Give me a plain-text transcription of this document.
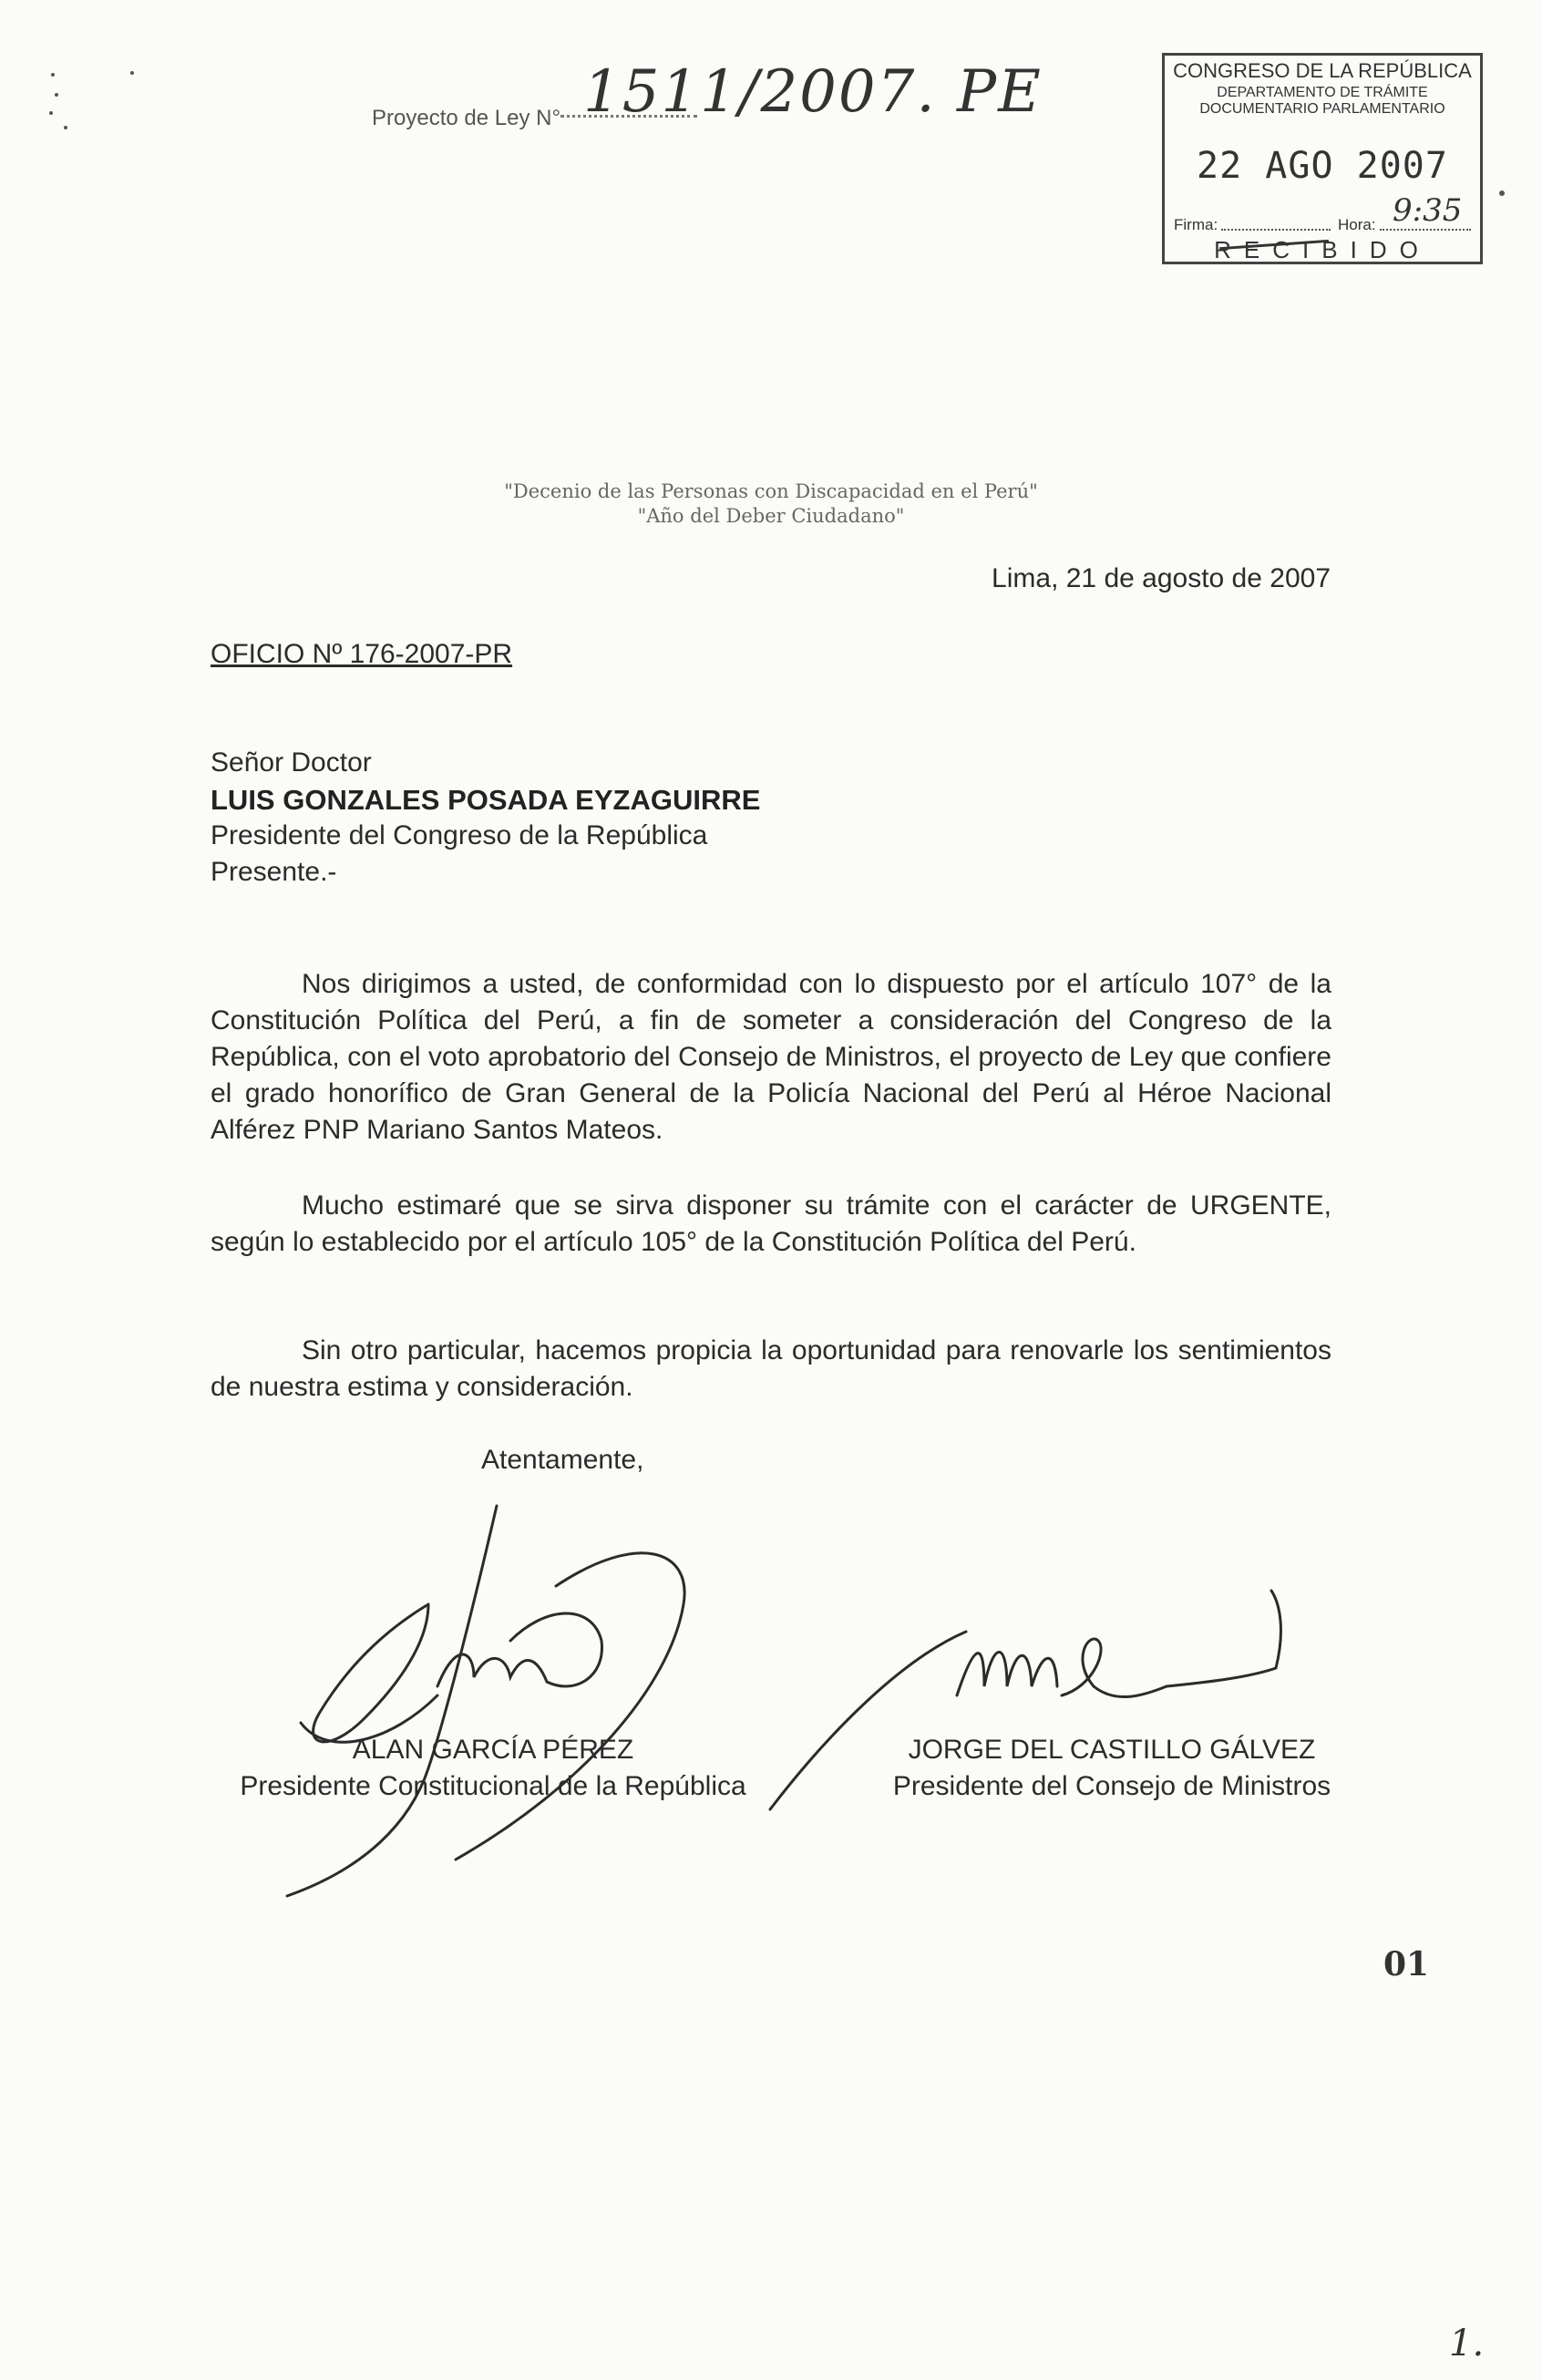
Proyecto de Ley N° 1511/2007. PE	CONGRESO DE LA REPÚBLICA
DEPARTAMENTO DE TRÁMITE
DOCUMENTARIO PARLAMENTARIO
22 AGO 2007
Firma:	Hora: 9:35
RECIBIDO
"Decenio de las Personas con Discapacidad en el Perú"
"Año del Deber Ciudadano"
Lima, 21 de agosto de 2007
OFICIO Nº 176-2007-PR
Señor Doctor
LUIS GONZALES POSADA EYZAGUIRRE
Presidente del Congreso de la República
Presente.-
Nos dirigimos a usted, de conformidad con lo dispuesto por el artículo 107° de la Constitución Política del Perú, a fin de someter a consideración del Congreso de la República, con el voto aprobatorio del Consejo de Ministros, el proyecto de Ley que confiere el grado honorífico de Gran General de la Policía Nacional del Perú al Héroe Nacional Alférez PNP Mariano Santos Mateos.
Mucho estimaré que se sirva disponer su trámite con el carácter de URGENTE, según lo establecido por el artículo 105° de la Constitución Política del Perú.
Sin otro particular, hacemos propicia la oportunidad para renovarle los sentimientos de nuestra estima y consideración.
Atentamente,
ALAN GARCÍA PÉREZ
Presidente Constitucional de la República
JORGE DEL CASTILLO GÁLVEZ
Presidente del Consejo de Ministros
01
1.
